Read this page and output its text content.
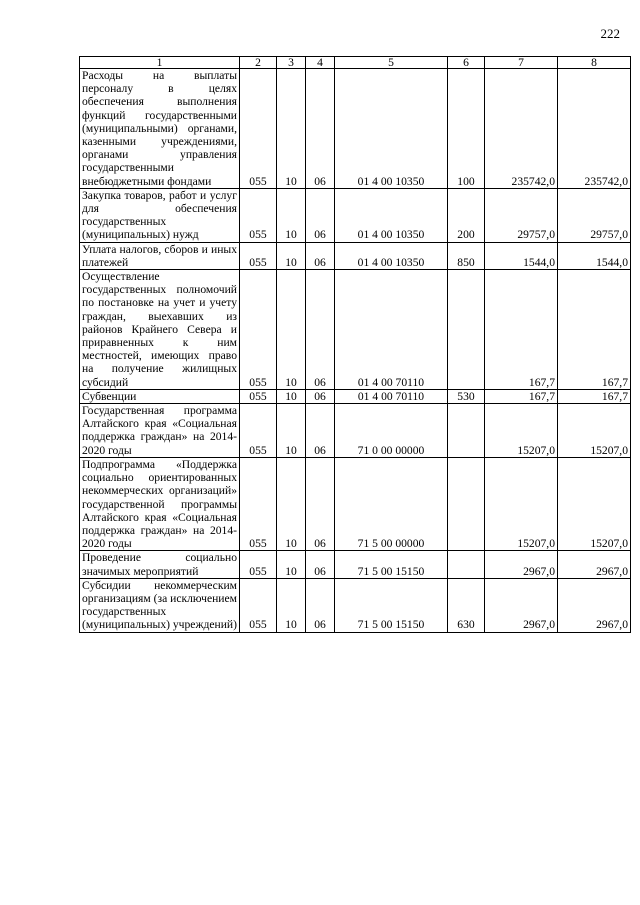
222
1	2	3	4	5	6	7	8
Расходы на выплаты персоналу в целях обеспечения выполнения функций государственными (муниципальными) органами, казенными учреждениями, органами управления государственными внебюджетными фондами	055	10	06	01 4 00 10350	100	235742,0	235742,0
Закупка товаров, работ и услуг для обеспечения государственных (муниципальных) нужд	055	10	06	01 4 00 10350	200	29757,0	29757,0
Уплата налогов, сборов и иных платежей	055	10	06	01 4 00 10350	850	1544,0	1544,0
Осуществление государственных полномочий по постановке на учет и учету граждан, выехавших из районов Крайнего Севера и приравненных к ним местностей, имеющих право на получение жилищных субсидий	055	10	06	01 4 00 70110		167,7	167,7
Субвенции	055	10	06	01 4 00 70110	530	167,7	167,7
Государственная программа Алтайского края «Социальная поддержка граждан» на 2014-2020 годы	055	10	06	71 0 00 00000		15207,0	15207,0
Подпрограмма «Поддержка социально ориентированных некоммерческих организаций» государственной программы Алтайского края «Социальная поддержка граждан» на 2014-2020 годы	055	10	06	71 5 00 00000		15207,0	15207,0
Проведение социально значимых мероприятий	055	10	06	71 5 00 15150		2967,0	2967,0
Субсидии некоммерческим организациям (за исключением государственных (муниципальных) учреждений)	055	10	06	71 5 00 15150	630	2967,0	2967,0
